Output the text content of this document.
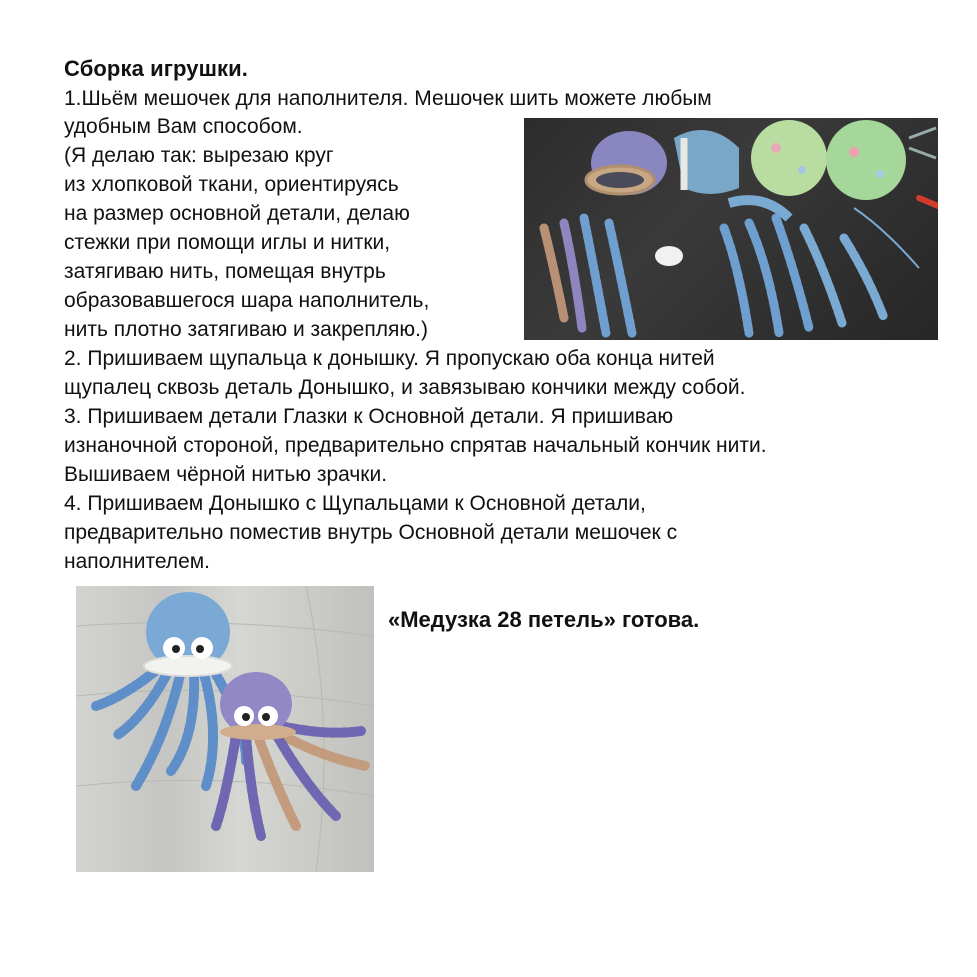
Сборка игрушки.
1.Шьём мешочек для наполнителя. Мешочек шить можете любым
удобным Вам способом.
(Я делаю так: вырезаю круг
из хлопковой ткани, ориентируясь
на размер основной детали, делаю
стежки при помощи иглы и нитки,
затягиваю нить, помещая внутрь
образовавшегося шара наполнитель,
нить плотно затягиваю и закрепляю.)
2. Пришиваем щупальца к донышку. Я пропускаю оба конца нитей
щупалец сквозь деталь Донышко, и завязываю кончики между собой.
3. Пришиваем детали Глазки к Основной детали. Я пришиваю
изнаночной стороной, предварительно спрятав начальный кончик нити.
Вышиваем чёрной нитью зрачки.
4. Пришиваем Донышко с Щупальцами к Основной детали,
предварительно поместив внутрь Основной детали мешочек с
наполнителем.
«Медузка 28 петель» готова.
